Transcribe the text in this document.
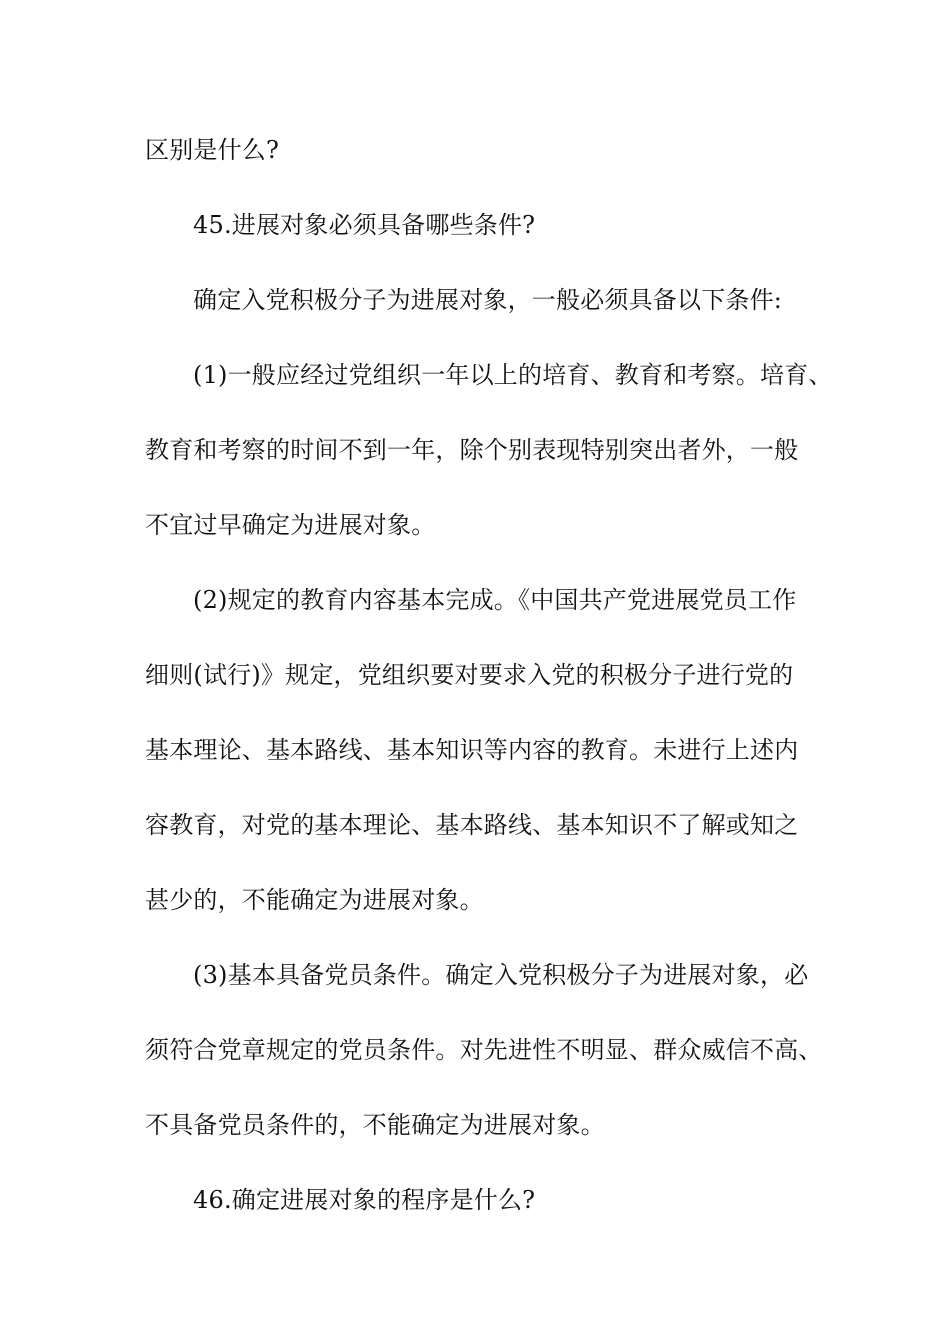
区别是什么?
45.进展对象必须具备哪些条件?
确定入党积极分子为进展对象，一般必须具备以下条件:
(1)一般应经过党组织一年以上的培育、教育和考察。培育、
教育和考察的时间不到一年，除个别表现特别突出者外，一般
不宜过早确定为进展对象。
(2)规定的教育内容基本完成。《中国共产党进展党员工作
细则(试行)》规定，党组织要对要求入党的积极分子进行党的
基本理论、基本路线、基本知识等内容的教育。未进行上述内
容教育，对党的基本理论、基本路线、基本知识不了解或知之
甚少的，不能确定为进展对象。
(3)基本具备党员条件。确定入党积极分子为进展对象，必
须符合党章规定的党员条件。对先进性不明显、群众威信不高、
不具备党员条件的，不能确定为进展对象。
46.确定进展对象的程序是什么?
